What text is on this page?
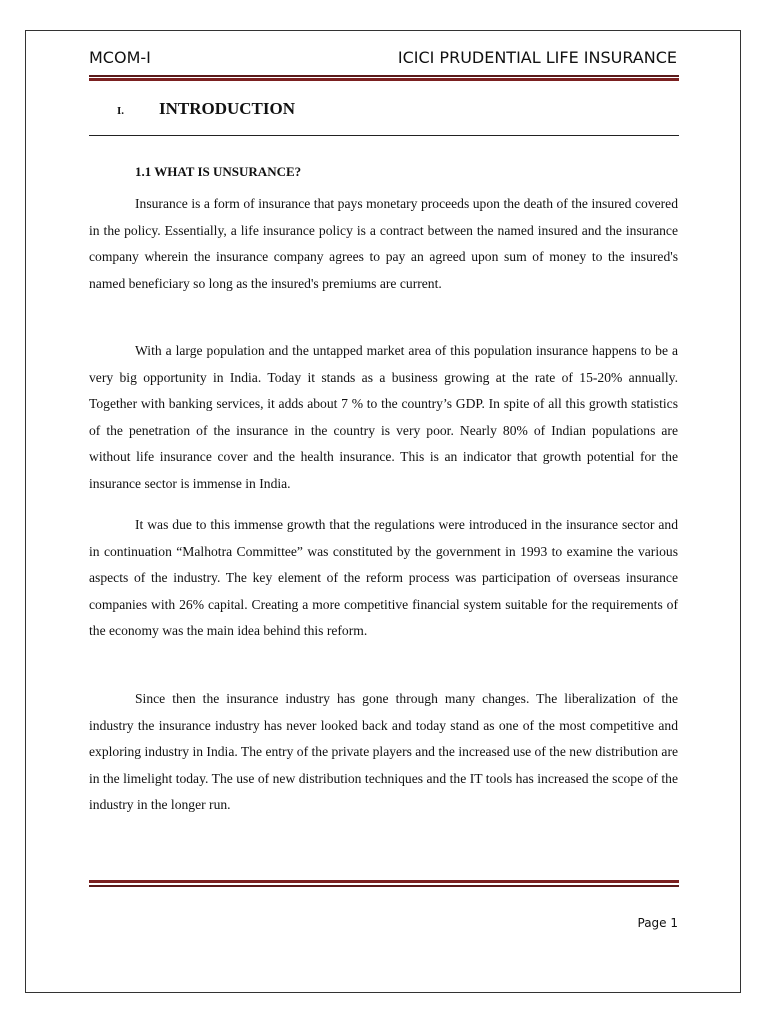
MCOM-I	ICICI PRUDENTIAL LIFE INSURANCE
I. INTRODUCTION
1.1 WHAT IS UNSURANCE?

Insurance is a form of insurance that pays monetary proceeds upon the death of the insured covered in the policy. Essentially, a life insurance policy is a contract between the named insured and the insurance company wherein the insurance company agrees to pay an agreed upon sum of money to the insured's named beneficiary so long as the insured's premiums are current.

With a large population and the untapped market area of this population insurance happens to be a very big opportunity in India. Today it stands as a business growing at the rate of 15-20% annually. Together with banking services, it adds about 7 % to the country’s GDP. In spite of all this growth statistics of the penetration of the insurance in the country is very poor. Nearly 80% of Indian populations are without life insurance cover and the health insurance. This is an indicator that growth potential for the insurance sector is immense in India.

It was due to this immense growth that the regulations were introduced in the insurance sector and in continuation “Malhotra Committee” was constituted by the government in 1993 to examine the various aspects of the industry. The key element of the reform process was participation of overseas insurance companies with 26% capital. Creating a more competitive financial system suitable for the requirements of the economy was the main idea behind this reform.

Since then the insurance industry has gone through many changes. The liberalization of the industry the insurance industry has never looked back and today stand as one of the most competitive and exploring industry in India. The entry of the private players and the increased use of the new distribution are in the limelight today. The use of new distribution techniques and the IT tools has increased the scope of the industry in the longer run.

Page 1
